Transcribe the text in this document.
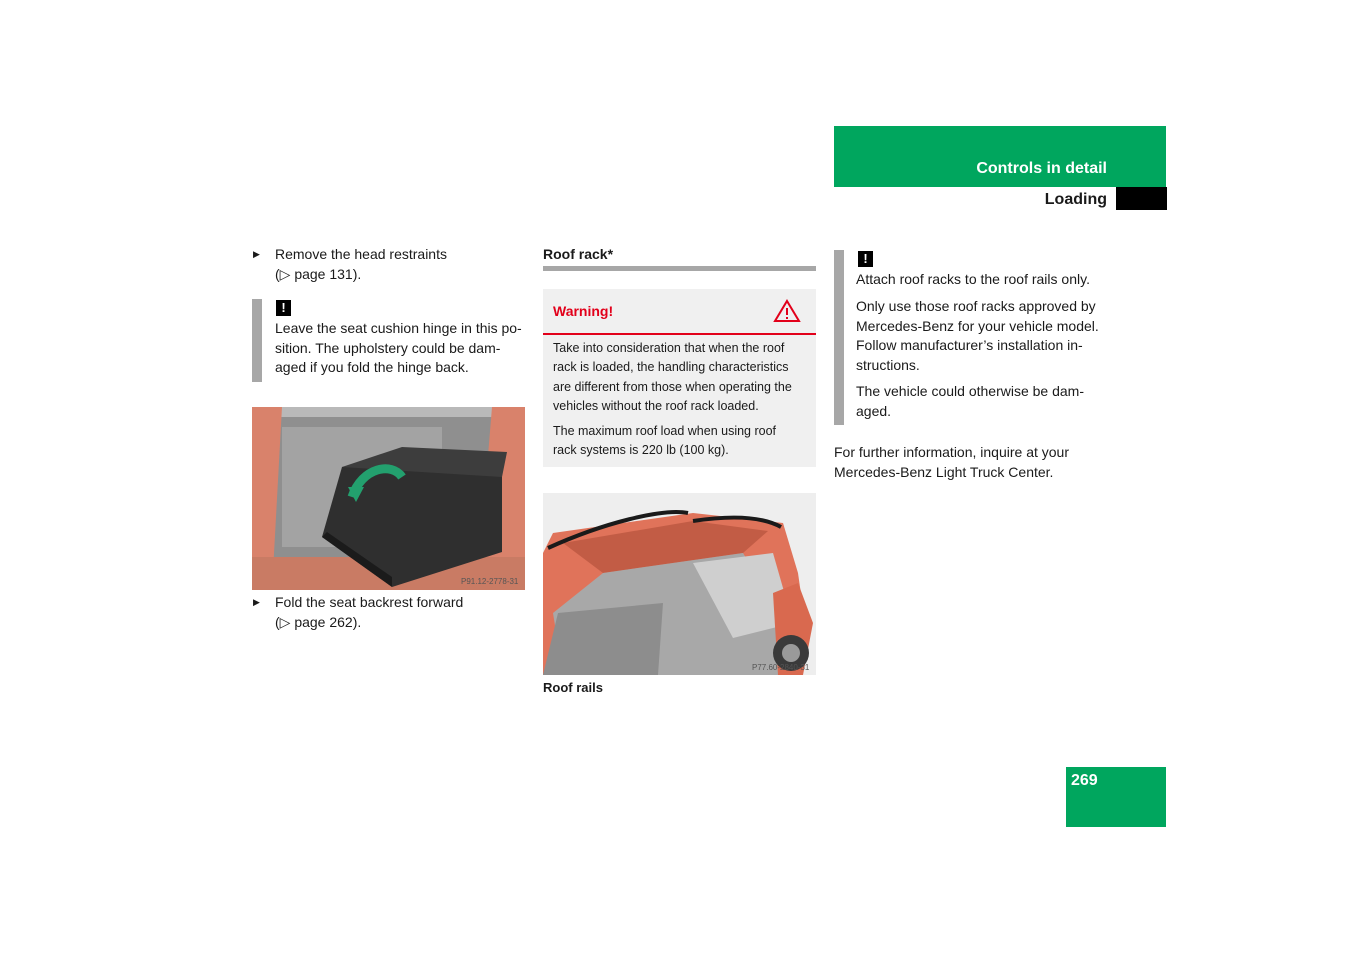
Controls in detail
Loading
▶ Remove the head restraints
(▷ page 131).
!
Leave the seat cushion hinge in this po-
sition. The upholstery could be dam-
aged if you fold the hinge back.
P91.12-2778-31
▶ Fold the seat backrest forward
(▷ page 262).
Roof rack*
Warning!
Take into consideration that when the roof
rack is loaded, the handling characteristics
are different from those when operating the
vehicles without the roof rack loaded.
The maximum roof load when using roof
rack systems is 220 lb (100 kg).
P77.60-2840-31
Roof rails
!
Attach roof racks to the roof rails only.
Only use those roof racks approved by
Mercedes-Benz for your vehicle model.
Follow manufacturer’s installation in-
structions.
The vehicle could otherwise be dam-
aged.
For further information, inquire at your
Mercedes-Benz Light Truck Center.
269
